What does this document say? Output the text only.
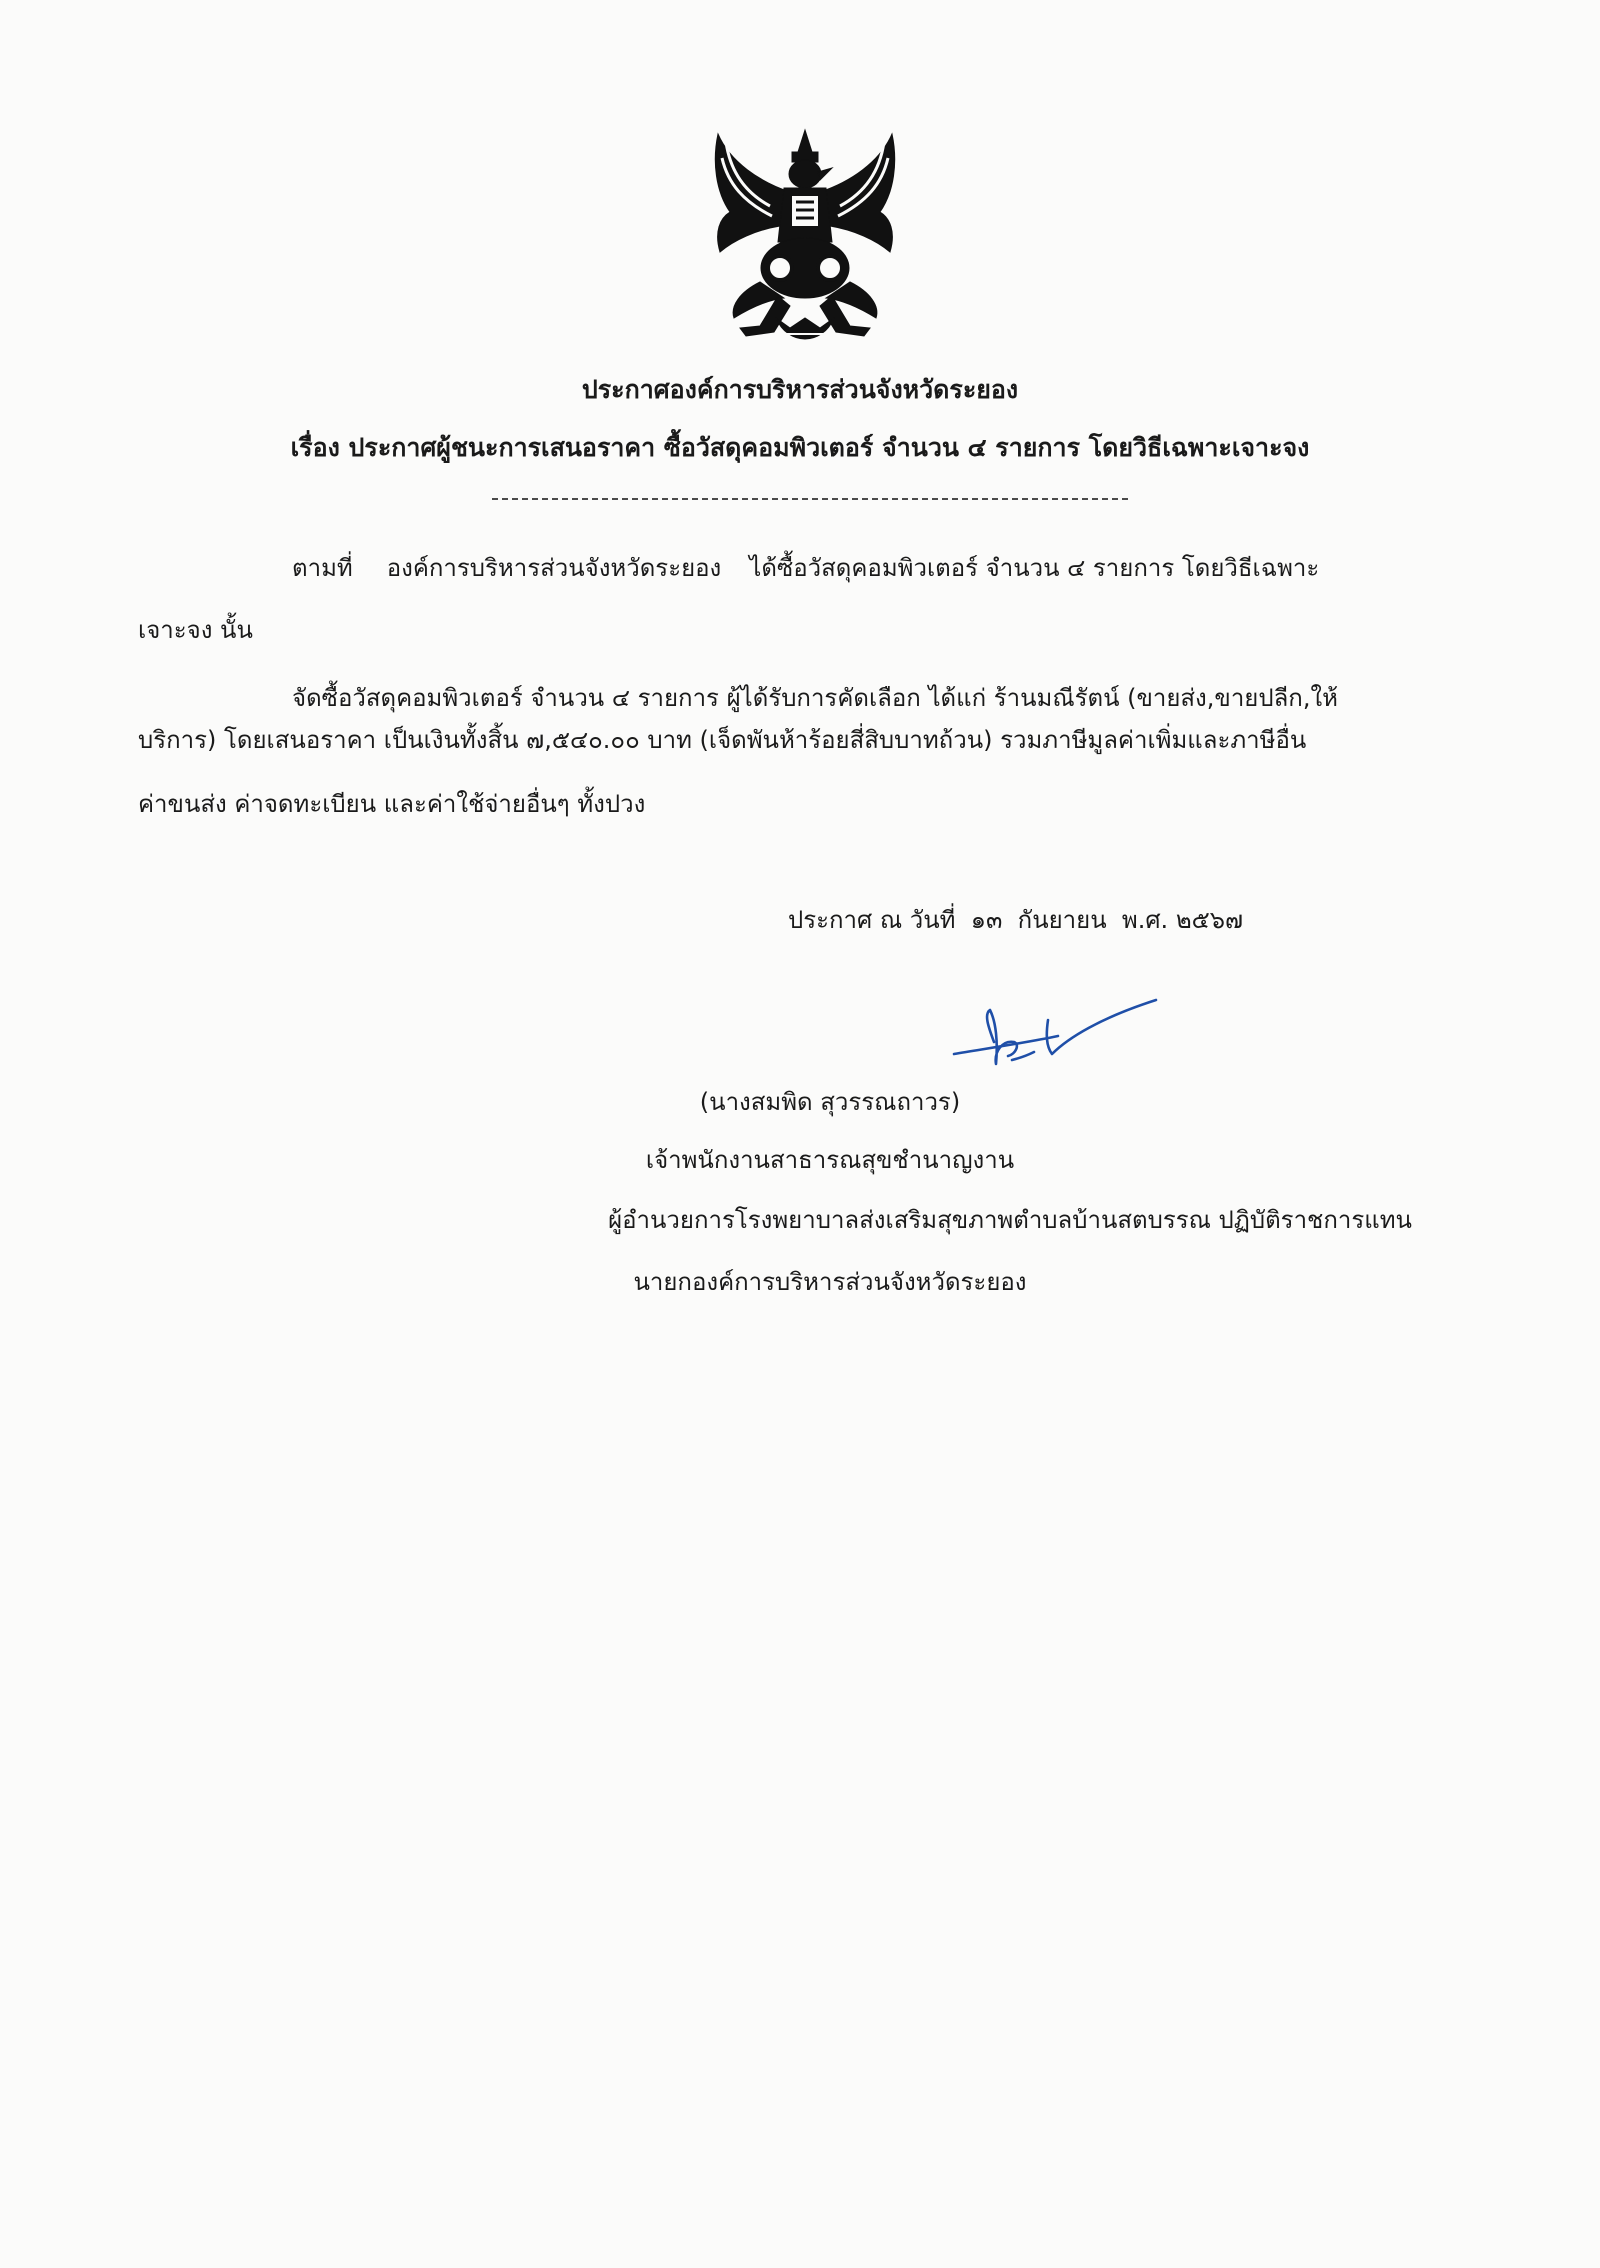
ประกาศองค์การบริหารส่วนจังหวัดระยอง
เรื่อง ประกาศผู้ชนะการเสนอราคา ซื้อวัสดุคอมพิวเตอร์ จำนวน ๔ รายการ โดยวิธีเฉพาะเจาะจง
ตามที่ องค์การบริหารส่วนจังหวัดระยอง ได้ซื้อวัสดุคอมพิวเตอร์ จำนวน ๔ รายการ โดยวิธีเฉพาะ
เจาะจง นั้น
จัดซื้อวัสดุคอมพิวเตอร์ จำนวน ๔ รายการ ผู้ได้รับการคัดเลือก ได้แก่ ร้านมณีรัตน์ (ขายส่ง,ขายปลีก,ให้
บริการ) โดยเสนอราคา เป็นเงินทั้งสิ้น ๗,๕๔๐.๐๐ บาท (เจ็ดพันห้าร้อยสี่สิบบาทถ้วน) รวมภาษีมูลค่าเพิ่มและภาษีอื่น
ค่าขนส่ง ค่าจดทะเบียน และค่าใช้จ่ายอื่นๆ ทั้งปวง
ประกาศ ณ วันที่ ๑๓ กันยายน พ.ศ. ๒๕๖๗
(นางสมพิด สุวรรณถาวร)
เจ้าพนักงานสาธารณสุขชำนาญงาน
ผู้อำนวยการโรงพยาบาลส่งเสริมสุขภาพตำบลบ้านสตบรรณ ปฏิบัติราชการแทน
นายกองค์การบริหารส่วนจังหวัดระยอง
